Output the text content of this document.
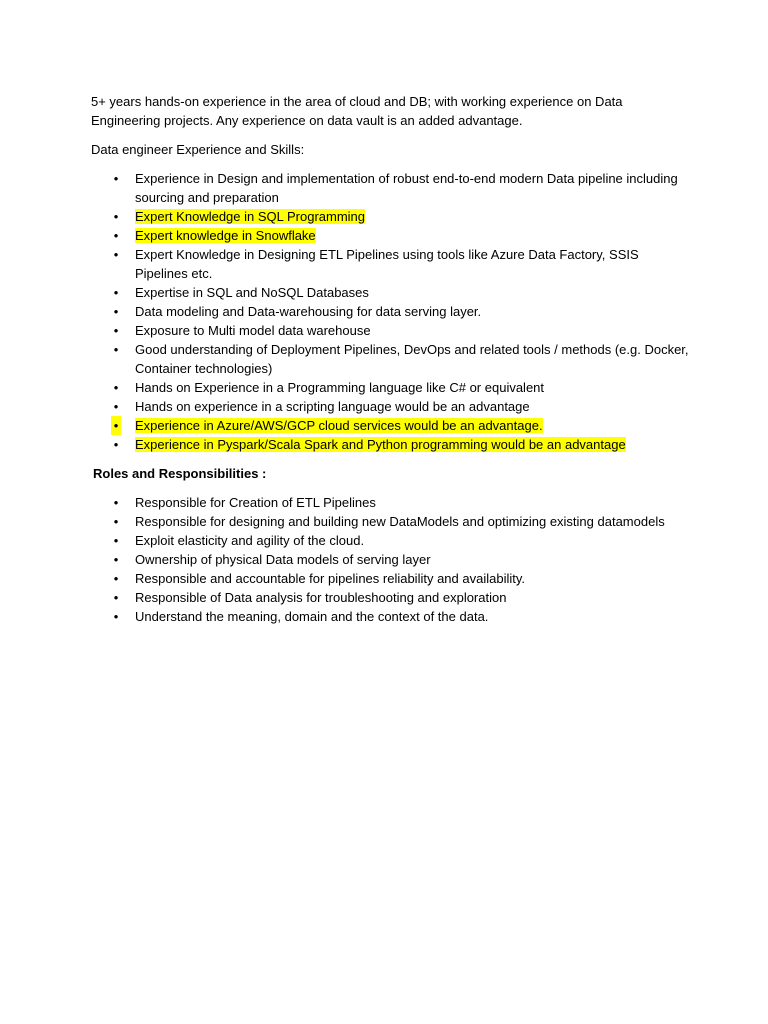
5+ years hands-on experience in the area of cloud and DB; with working experience on Data Engineering projects. Any experience on data vault is an added advantage.

Data engineer Experience and Skills:

• Experience in Design and implementation of robust end-to-end modern Data pipeline including sourcing and preparation
• Expert Knowledge in SQL Programming
• Expert knowledge in Snowflake
• Expert Knowledge in Designing ETL Pipelines using tools like Azure Data Factory, SSIS Pipelines etc.
• Expertise in SQL and NoSQL Databases
• Data modeling and Data-warehousing for data serving layer.
• Exposure to Multi model data warehouse
• Good understanding of Deployment Pipelines, DevOps and related tools / methods (e.g. Docker, Container technologies)
• Hands on Experience in a Programming language like C# or equivalent
• Hands on experience in a scripting language would be an advantage
• Experience in Azure/AWS/GCP cloud services would be an advantage.
• Experience in Pyspark/Scala Spark and Python programming would be an advantage

Roles and Responsibilities :

• Responsible for Creation of ETL Pipelines
• Responsible for designing and building new DataModels and optimizing existing datamodels
• Exploit elasticity and agility of the cloud.
• Ownership of physical Data models of serving layer
• Responsible and accountable for pipelines reliability and availability.
• Responsible of Data analysis for troubleshooting and exploration
• Understand the meaning, domain and the context of the data.
